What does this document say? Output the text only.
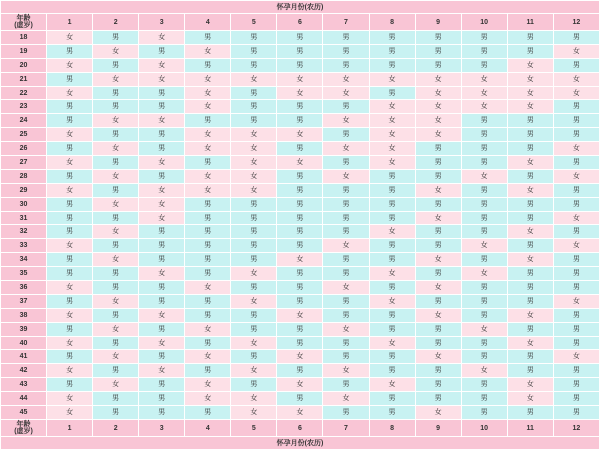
怀孕月份(农历)												

年龄
(虚岁)	1	2	3	4	5	6	7	8	9	10	11	12
18	女	男	女	男	男	男	男	男	男	男	男	男
19	男	女	男	女	男	男	男	男	男	男	男	女
20	女	男	女	男	男	男	男	男	男	男	女	男
21	男	女	女	女	女	女	女	女	女	女	女	女
22	女	男	男	女	男	女	女	男	女	女	女	女
23	男	男	男	女	男	男	男	女	女	女	女	男
24	男	女	女	男	男	男	女	女	女	男	男	男
25	女	男	男	女	女	女	男	女	女	男	男	男
26	男	女	男	女	女	男	女	女	男	男	男	女
27	女	男	女	男	女	女	男	女	男	男	女	男
28	男	女	男	女	女	男	女	男	男	女	男	女
29	女	男	女	女	女	男	男	男	女	男	女	男
30	男	女	女	男	男	男	男	男	男	男	男	男
31	男	男	女	男	男	男	男	男	女	男	男	女
32	男	女	男	男	男	男	男	女	男	男	女	男
33	女	男	男	男	男	男	女	男	男	女	男	女
34	男	女	男	男	男	女	男	男	女	男	女	男
35	男	男	女	男	女	男	男	女	男	女	男	男
36	女	男	男	女	男	男	女	男	女	男	男	男
37	男	女	男	男	女	男	男	女	男	男	男	女
38	女	男	女	男	男	女	男	男	女	男	女	男
39	男	女	男	女	男	男	女	男	男	女	男	男
40	女	男	女	男	女	男	男	女	男	男	女	男
41	男	女	男	女	男	女	男	男	女	男	男	女
42	女	男	女	男	女	男	女	男	男	女	男	男
43	男	女	男	女	男	女	男	女	男	男	女	男
44	女	男	男	女	女	男	女	男	男	男	女	男
45	女	男	男	男	女	女	男	男	女	男	男	男

年龄
(虚岁)	1	2	3	4	5	6	7	8	9	10	11	12
怀孕月份(农历)												
